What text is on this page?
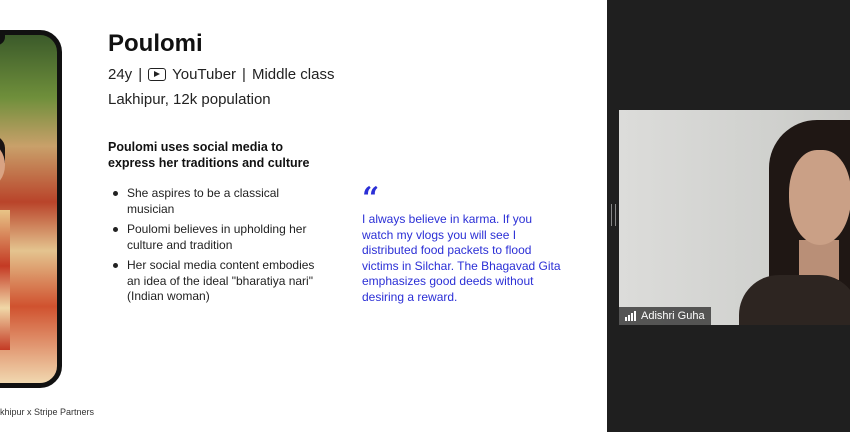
Poulomi
24y | YouTuber | Middle class
Lakhipur, 12k population
Poulomi uses social media to express her traditions and culture
She aspires to be a classical musician
Poulomi believes in upholding her culture and tradition
Her social media content embodies an idea of the ideal "bharatiya nari" (Indian woman)
“
I always believe in karma. If you watch my vlogs you will see I distributed food packets to flood victims in Silchar. The Bhagavad Gita emphasizes good deeds without desiring a reward.
khipur x Stripe Partners
Adishri Guha
